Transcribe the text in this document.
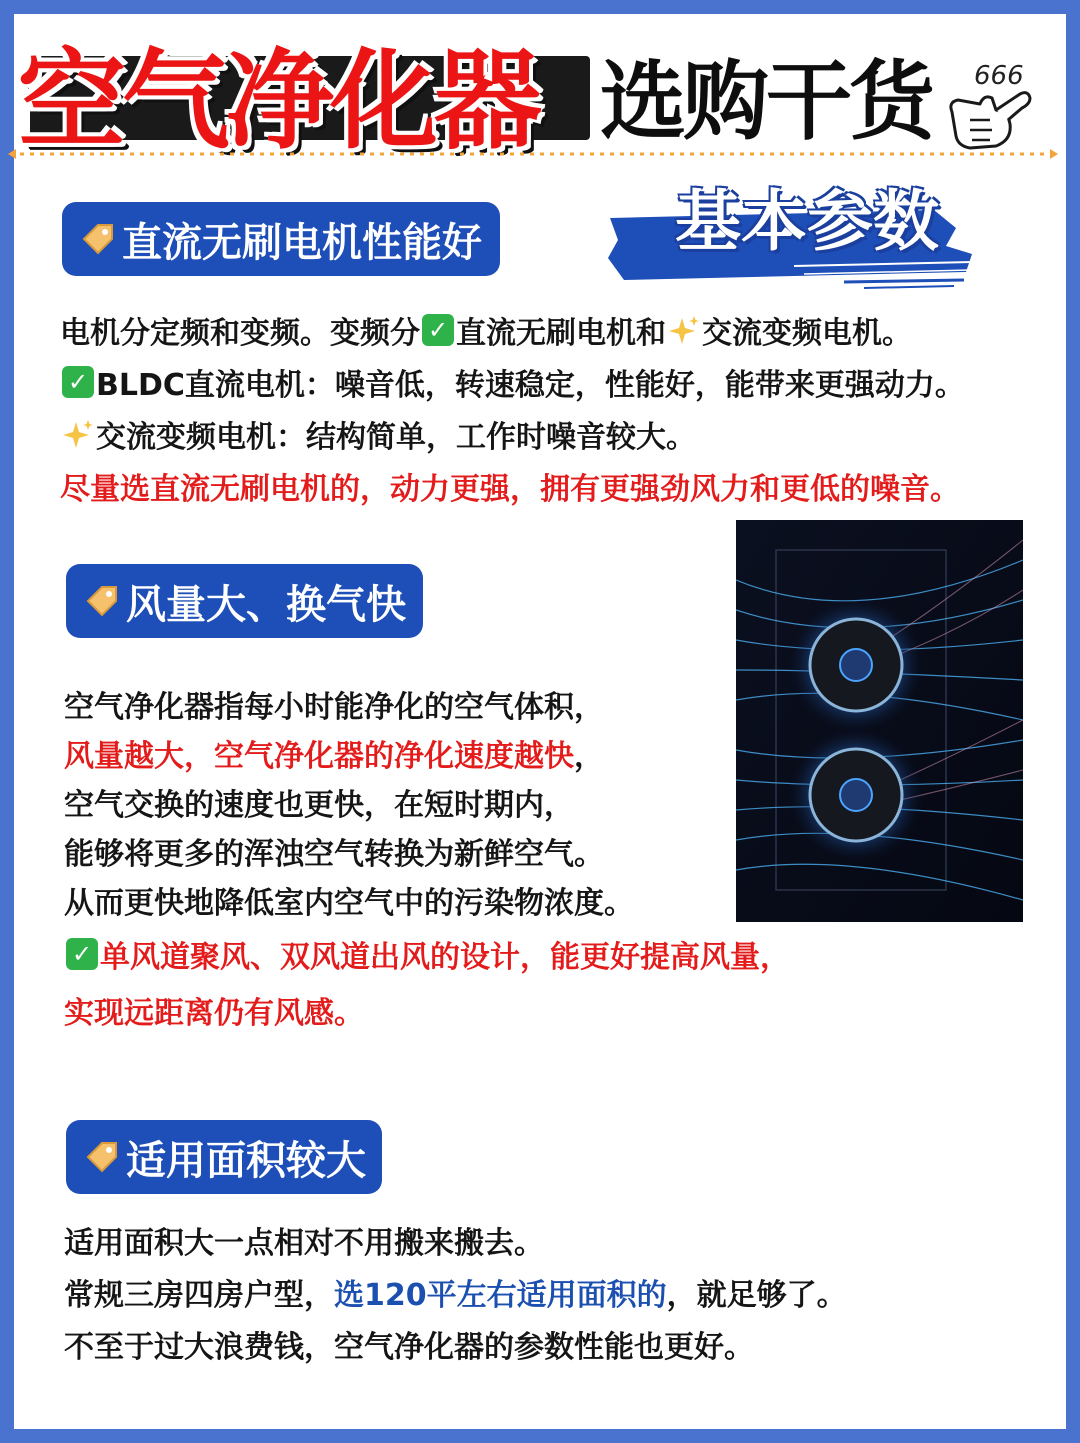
空气净化器 选购干货 666
基本参数
直流无刷电机性能好
电机分定频和变频。变频分 ✓ 直流无刷电机和 交流变频电机。
✓ BLDC直流电机：噪音低，转速稳定，性能好，能带来更强动力。
交流变频电机：结构简单，工作时噪音较大。
尽量选直流无刷电机的，动力更强，拥有更强劲风力和更低的噪音。
风量大、换气快
空气净化器指每小时能净化的空气体积，
风量越大，空气净化器的净化速度越快 ，
空气交换的速度也更快，在短时期内，
能够将更多的浑浊空气转换为新鲜空气。
从而更快地降低室内空气中的污染物浓度。
✓ 单风道聚风、双风道出风的设计，能更好提高风量，
实现远距离仍有风感。
适用面积较大
适用面积大一点相对不用搬来搬去。
常规三房四房户型， 选120平左右适用面积的 ，就足够了。
不至于过大浪费钱，空气净化器的参数性能也更好。
